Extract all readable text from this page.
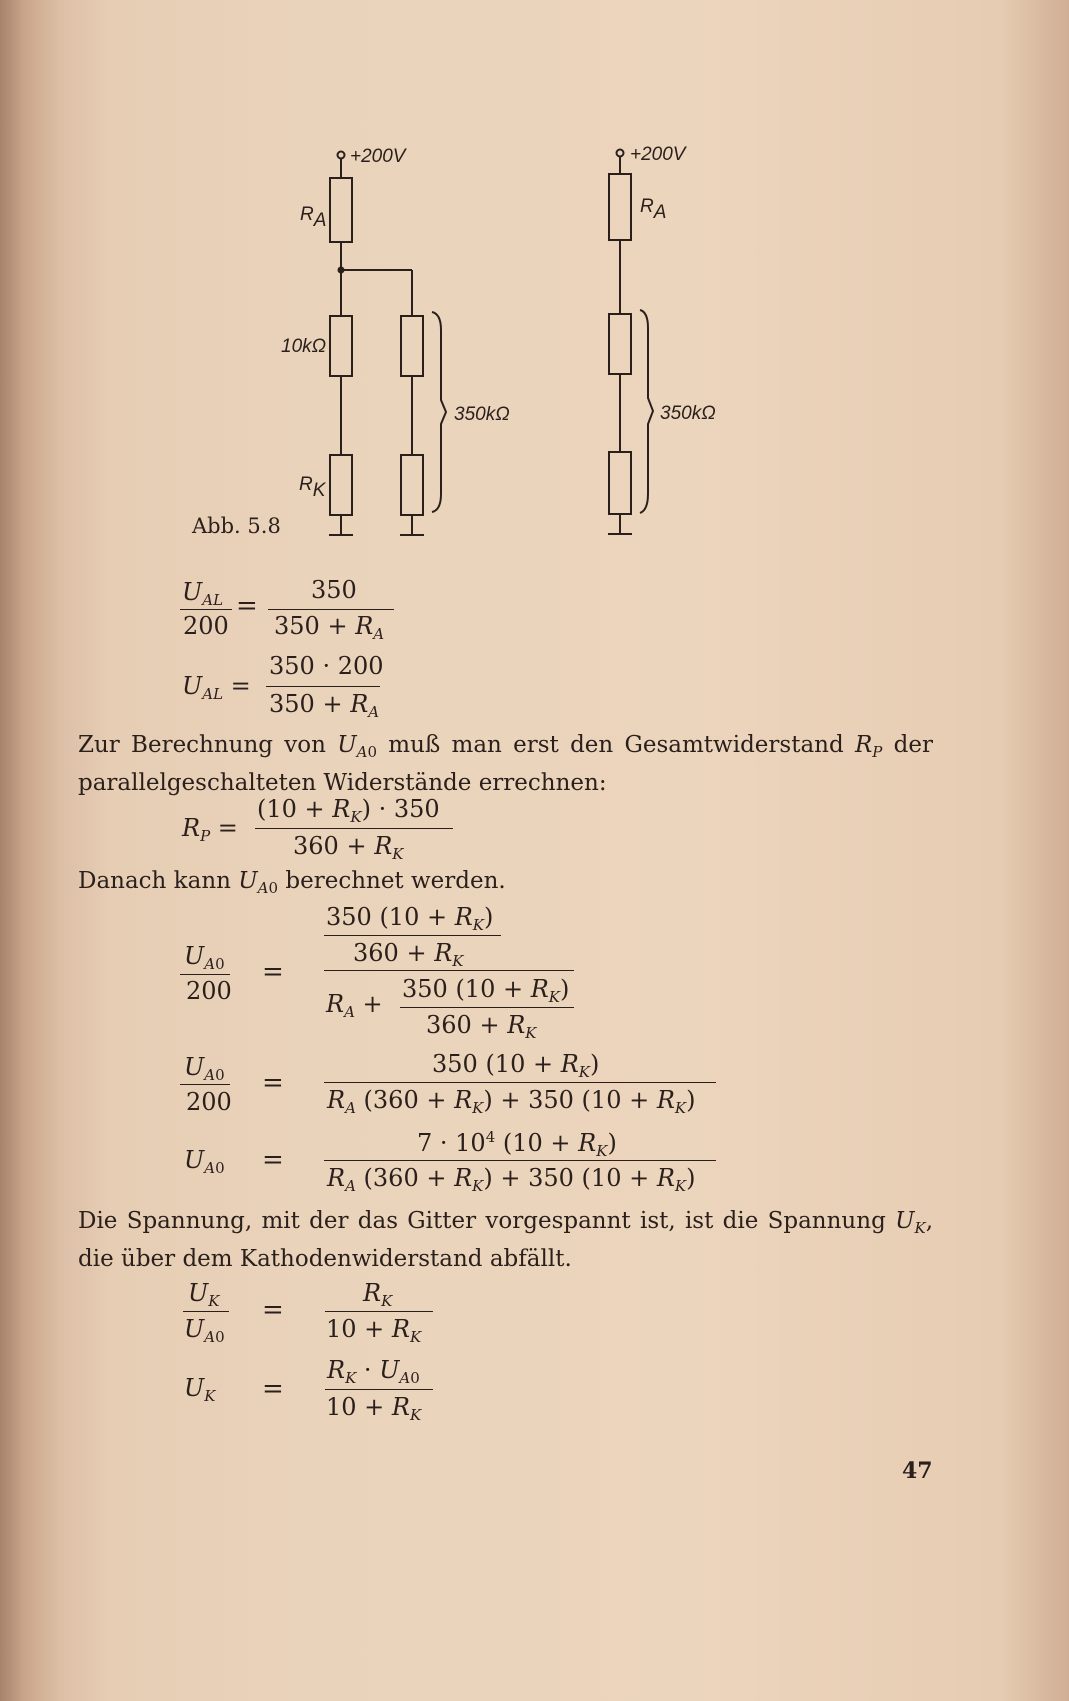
+200V
RA
10kΩ
RK
350kΩ
+200V
RA
350kΩ
Abb. 5.8
$U_{AL}$
200
=
350
$350 + R_A$
$U_{AL}$ =
350 · 200
$350 + R_A$
Zur Berechnung von $U_{A0}$ muß man erst den Gesamtwiderstand $R_P$ der parallelgeschalteten Widerstände errechnen:
$R_P$ =
$(10 + R_K) \cdot 350$
$360 + R_K$
Danach kann $U_{A0}$ berechnet werden.
$U_{A0}$
200
=
350 $(10 + R_K)$
$360 + R_K$
$R_A$ +
350 $(10 + R_K)$
$360 + R_K$
$U_{A0}$
200
=
350 $(10 + R_K)$
$R_A$ $(360 + R_K) + 350$ $(10 + R_K)$
$U_{A0}$ =
$7 \cdot 10^4$ $(10 + R_K)$
$R_A$ $(360 + R_K) + 350$ $(10 + R_K)$
Die Spannung, mit der das Gitter vorgespannt ist, ist die Spannung $U_K$, die über dem Kathodenwiderstand abfällt.
$U_K$
$U_{A0}$
=
$R_K$
$10 + R_K$
$U_K$ =
$R_K \cdot U_{A0}$
$10 + R_K$
47
